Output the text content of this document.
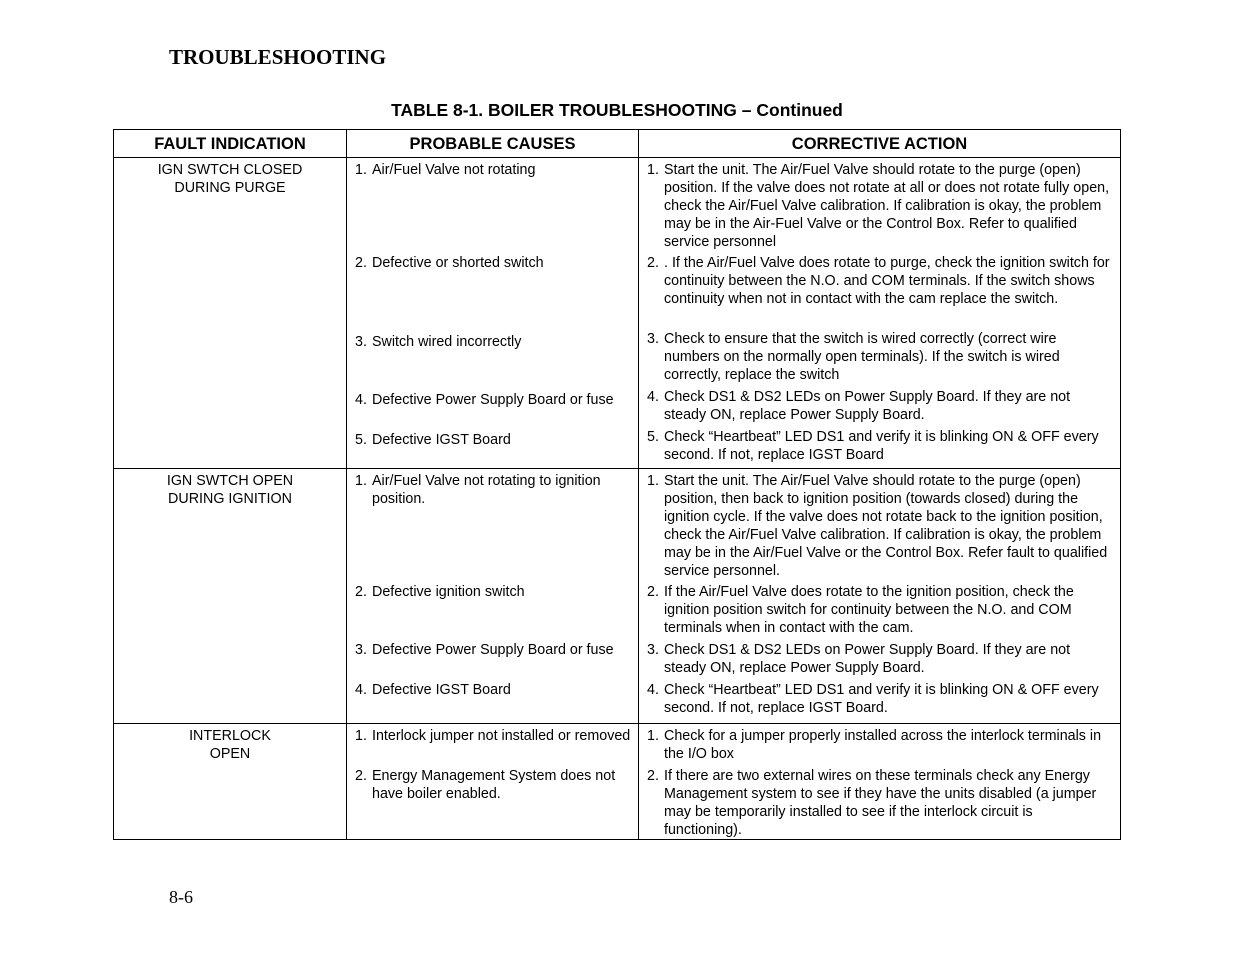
TROUBLESHOOTING
TABLE 8-1. BOILER TROUBLESHOOTING – Continued
FAULT INDICATION	PROBABLE CAUSES	CORRECTIVE ACTION
IGN SWTCH CLOSED
DURING PURGE
1. Air/Fuel Valve not rotating
2. Defective or shorted switch
3. Switch wired incorrectly
4. Defective Power Supply Board or fuse
5. Defective IGST Board
1. Start the unit. The Air/Fuel Valve should rotate to the purge (open) position. If the valve does not rotate at all or does not rotate fully open, check the Air/Fuel Valve calibration. If calibration is okay, the problem may be in the Air-Fuel Valve or the Control Box. Refer to qualified service personnel
2. . If the Air/Fuel Valve does rotate to purge, check the ignition switch for continuity between the N.O. and COM terminals. If the switch shows continuity when not in contact with the cam replace the switch.
3. Check to ensure that the switch is wired correctly (correct wire numbers on the normally open terminals). If the switch is wired correctly, replace the switch
4. Check DS1 & DS2 LEDs on Power Supply Board. If they are not steady ON, replace Power Supply Board.
5. Check “Heartbeat” LED DS1 and verify it is blinking ON & OFF every second. If not, replace IGST Board
IGN SWTCH OPEN
DURING IGNITION
1. Air/Fuel Valve not rotating to ignition position.
2. Defective ignition switch
3. Defective Power Supply Board or fuse
4. Defective IGST Board
1. Start the unit. The Air/Fuel Valve should rotate to the purge (open) position, then back to ignition position (towards closed) during the ignition cycle. If the valve does not rotate back to the ignition position, check the Air/Fuel Valve calibration. If calibration is okay, the problem may be in the Air/Fuel Valve or the Control Box. Refer fault to qualified service personnel.
2. If the Air/Fuel Valve does rotate to the ignition position, check the ignition position switch for continuity between the N.O. and COM terminals when in contact with the cam.
3. Check DS1 & DS2 LEDs on Power Supply Board. If they are not steady ON, replace Power Supply Board.
4. Check “Heartbeat” LED DS1 and verify it is blinking ON & OFF every second. If not, replace IGST Board.
INTERLOCK
OPEN
1. Interlock jumper not installed or removed
2. Energy Management System does not have boiler enabled.
1. Check for a jumper properly installed across the interlock terminals in the I/O box
2. If there are two external wires on these terminals check any Energy Management system to see if they have the units disabled (a jumper may be temporarily installed to see if the interlock circuit is functioning).
8-6
